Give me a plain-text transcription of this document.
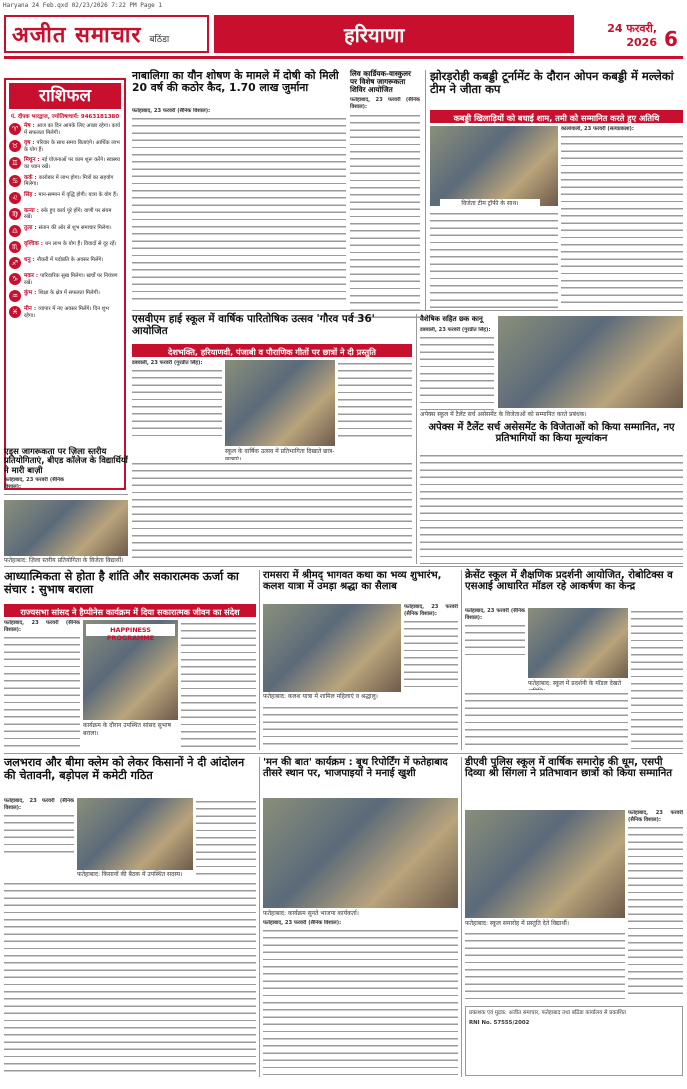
Haryana 24 Feb.qxd 02/23/2026 7:22 PM Page 1
अजीत समाचार बठिंडा	हरियाणा	24 फरवरी, 2026 6
राशिफल
पं. दीपक भारद्वाज, ज्योतिषाचार्य: 9463181380
♈	मेष : आज का दिन आपके लिए अच्छा रहेगा। कार्य में सफलता मिलेगी।
♉	वृष : परिवार के साथ समय बिताएंगे। आर्थिक लाभ के योग हैं।
♊	मिथुन : नई योजनाओं पर काम शुरू करेंगे। स्वास्थ्य का ध्यान रखें।
♋	कर्क : कारोबार में लाभ होगा। मित्रों का सहयोग मिलेगा।
♌	सिंह : मान-सम्मान में वृद्धि होगी। यात्रा के योग हैं।
♍	कन्या : रुके हुए कार्य पूरे होंगे। वाणी पर संयम रखें।
♎	तुला : संतान की ओर से शुभ समाचार मिलेगा।
♏	वृश्चिक : धन लाभ के योग हैं। विवादों से दूर रहें।
♐	धनु : नौकरी में पदोन्नति के अवसर मिलेंगे।
♑	मकर : पारिवारिक सुख मिलेगा। खर्चों पर नियंत्रण रखें।
♒	कुंभ : शिक्षा के क्षेत्र में सफलता मिलेगी।
♓	मीन : व्यापार में नए अवसर मिलेंगे। दिन शुभ रहेगा।
नाबालिगा का यौन शोषण के मामले में दोषी को मिली 20 वर्ष की कठोर कैद, 1.70 लाख जुर्माना
फतेहाबाद, 23 फरवरी (सैनिक विशाल):
लिव कार्डियक-वास्कुलर पर विशेष जागरूकता शिविर आयोजित
फतेहाबाद, 23 फरवरी (सैनिक विशाल):
झोरड़रोही कबड्डी टूर्नामेंट के दौरान ओपन कबड्डी में मल्लेकां टीम ने जीता कप
कबड्डी खिलाड़ियों को बधाई शाम, तमी को सम्मानित करते हुए अतिथि
विजेता टीम ट्रॉफी के साथ।
कालांवाली, 23 फरवरी (सत्यप्रकाश):
एसवीएम हाई स्कूल में वार्षिक पारितोषिक उत्सव 'गौरव पर्व 36' आयोजित
देशभक्ति, हरियाणवी, पंजाबी व पौराणिक गीतों पर छात्रों ने दी प्रस्तुति
डबवाली, 23 फरवरी (गुरप्रीत सिंह):
स्कूल के वार्षिक उत्सव में प्रतिभागिता दिखाते छात्र-
वैशेषिक सहित छक कानू
डबवाली, 23 फरवरी (गुरप्रीत सिंह):
अपेक्स स्कूल में टैलेंट सर्च असेसमेंट के विजेताओं को सम्मानित करते प्रबंधक।
अपेक्स में टैलेंट सर्च असेसमेंट के विजेताओं को किया सम्मानित, नए प्रतिभागियों का किया मूल्यांकन
एड्स जागरूकता पर ज़िला स्तरीय प्रतियोगिताएं, बीएड कॉलेज के विद्यार्थियों ने मारी बाज़ी
फतेहाबाद, 23 फरवरी (सैनिक विशाल):
फतेहाबाद: ज़िला स्तरीय प्रतियोगिता के विजेता विद्यार्थी।
आध्यात्मिकता से होता है शांति और सकारात्मक ऊर्जा का संचार : सुभाष बराला
राज्यसभा सांसद ने हैप्पीनेस कार्यक्रम में दिया सकारात्मक जीवन का संदेश
फतेहाबाद, 23 फरवरी (सैनिक विशाल):	HAPPINESS PROGRAMME
कार्यक्रम के दौरान उपस्थित सांसद सुभाष बराला।
रामसरा में श्रीमद् भागवत कथा का भव्य शुभारंभ, कलश यात्रा में उमड़ा श्रद्धा का सैलाब
फतेहाबाद: कलश यात्रा में शामिल महिलाएं व श्रद्धालु।
फतेहाबाद, 23 फरवरी (सैनिक विशाल):
क्रेसेंट स्कूल में शैक्षणिक प्रदर्शनी आयोजित, रोबोटिक्स व एसआई आधारित मॉडल रहे आकर्षण का केन्द्र
फतेहाबाद, 23 फरवरी (सैनिक विशाल):
फतेहाबाद: स्कूल में प्रदर्शनी के मॉडल देखते
जलभराव और बीमा क्लेम को लेकर किसानों ने दी आंदोलन की चेतावनी, बड़ोपल में कमेटी गठित
फतेहाबाद, 23 फरवरी (सैनिक विशाल):
फतेहाबाद: किसानों की बैठक में उपस्थित सदस्य।
'मन की बात' कार्यक्रम : बूथ रिपोर्टिंग में फतेहाबाद तीसरे स्थान पर, भाजपाइयों ने मनाई खुशी
फतेहाबाद: कार्यक्रम सुनते भाजपा कार्यकर्ता।
फतेहाबाद, 23 फरवरी (सैनिक विशाल):
डीएवी पुलिस स्कूल में वार्षिक समारोह की धूम, एसपी दिव्या श्री सिंगला ने प्रतिभावान छात्रों को किया सम्मानित
फतेहाबाद: स्कूल समारोह में प्रस्तुति देते विद्यार्थी।
फतेहाबाद, 23 फरवरी (सैनिक विशाल):
प्रकाशक एवं मुद्रक: अजीत समाचार, फतेहाबाद तथा बठिंडा कार्यालय से प्रकाशित
RNI No. 57555/2002
